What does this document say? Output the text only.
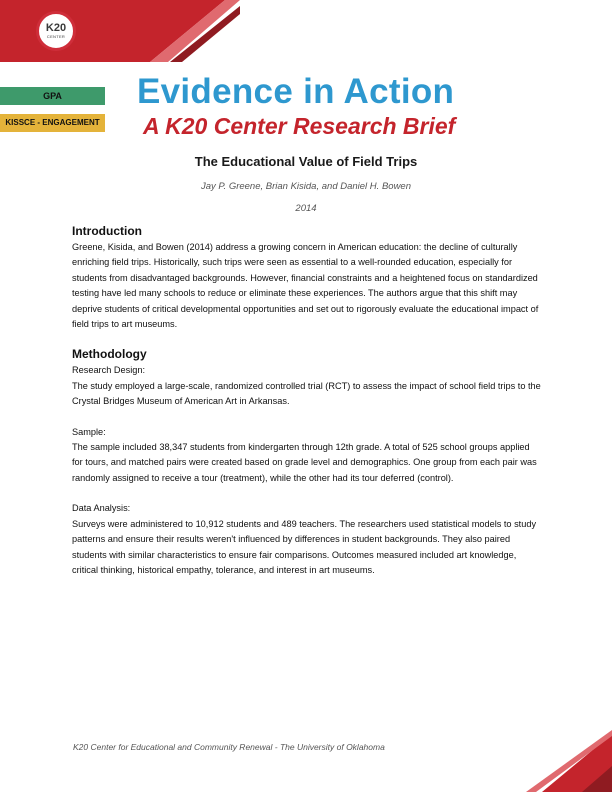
K20
CENTER
GPA
KISSCE - ENGAGEMENT
Evidence in Action
A K20 Center Research Brief
The Educational Value of Field Trips
Jay P. Greene, Brian Kisida, and Daniel H. Bowen
2014
Introduction

Greene, Kisida, and Bowen (2014) address a growing concern in American education: the decline of culturally enriching field trips. Historically, such trips were seen as essential to a well-rounded education, especially for students from disadvantaged backgrounds. However, financial constraints and a heightened focus on standardized testing have led many schools to reduce or eliminate these experiences. The authors argue that this shift may deprive students of critical developmental opportunities and set out to rigorously evaluate the educational impact of field trips to art museums.

Methodology

Research Design:

The study employed a large-scale, randomized controlled trial (RCT) to assess the impact of school field trips to the Crystal Bridges Museum of American Art in Arkansas.

Sample:

The sample included 38,347 students from kindergarten through 12th grade. A total of 525 school groups applied for tours, and matched pairs were created based on grade level and demographics. One group from each pair was randomly assigned to receive a tour (treatment), while the other had its tour deferred (control).

Data Analysis:

Surveys were administered to 10,912 students and 489 teachers. The researchers used statistical models to study patterns and ensure their results weren't influenced by differences in student backgrounds. They also paired students with similar characteristics to ensure fair comparisons. Outcomes measured included art knowledge, critical thinking, historical empathy, tolerance, and interest in art museums.

K20 Center for Educational and Community Renewal - The University of Oklahoma
